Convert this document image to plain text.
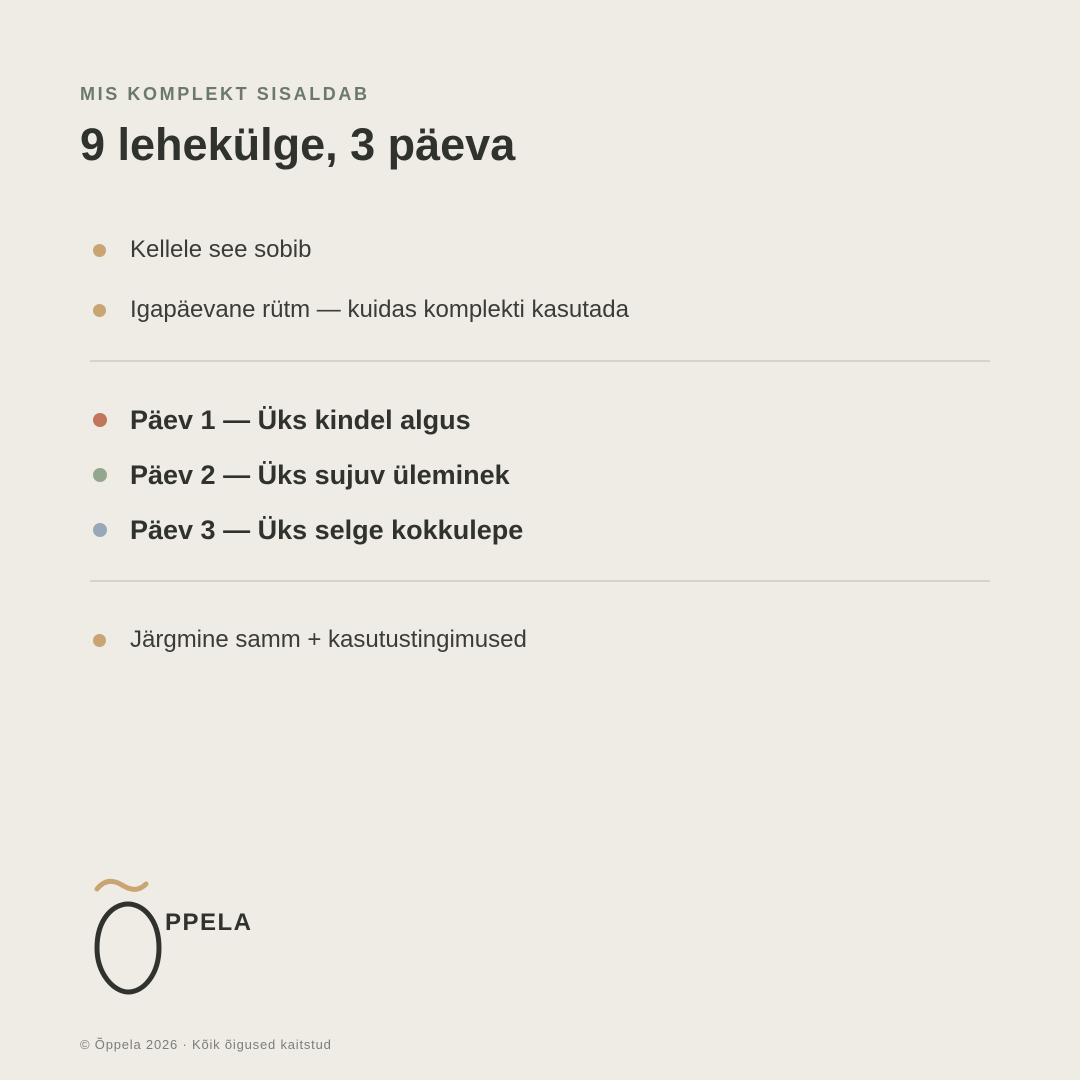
MIS KOMPLEKT SISALDAB
9 lehekülge, 3 päeva
Kellele see sobib
Igapäevane rütm — kuidas komplekti kasutada
Päev 1 — Üks kindel algus
Päev 2 — Üks sujuv üleminek
Päev 3 — Üks selge kokkulepe
Järgmine samm + kasutustingimused
PPELA
© Õppela 2026 · Kõik õigused kaitstud
